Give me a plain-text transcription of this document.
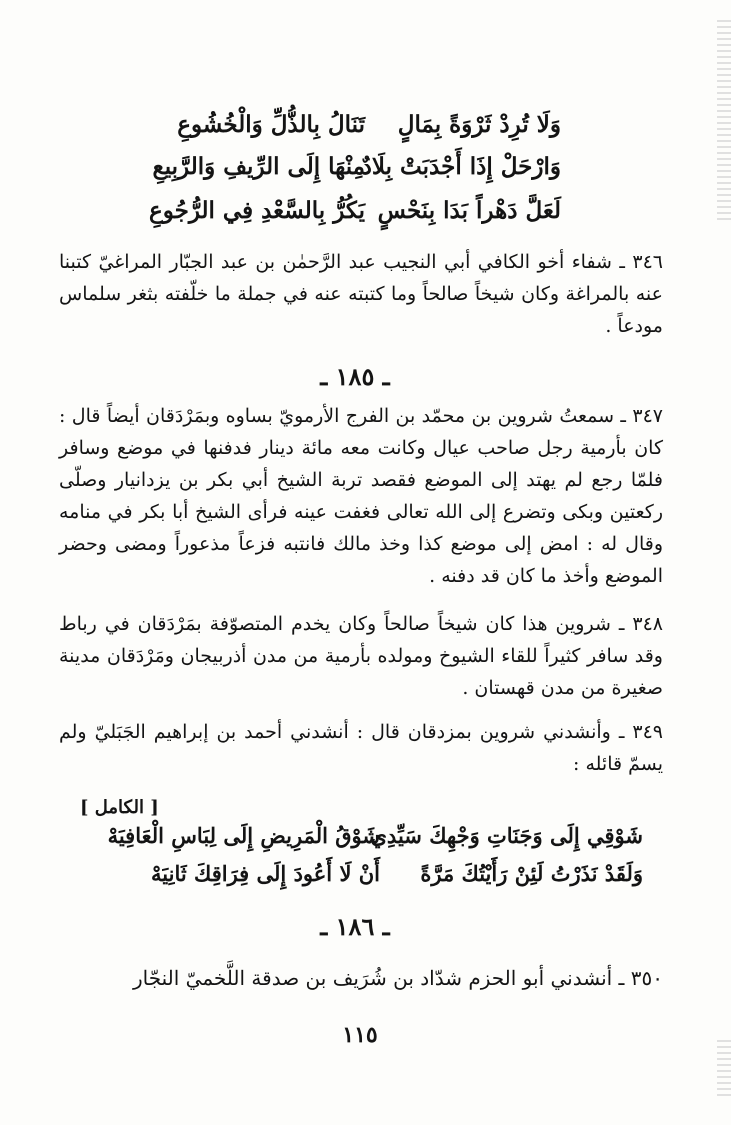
وَلَا تُرِدْ ثَرْوَةً بِمَالٍ
تَنَالُ بِالذُّلِّ وَالْخُشُوعِ
وَارْحَلْ إِذَا أَجْدَبَتْ بِلَادٌ
مِنْهَا إِلَى الرِّيفِ وَالرَّبِيعِ
لَعَلَّ دَهْراً بَدَا بِنَحْسٍ
يَكُرُّ بِالسَّعْدِ فِي الرُّجُوعِ
٣٤٦ ـ شفاء أخو الكافي أبي النجيب عبد الرَّحمٰن بن عبد الجبّار المراغيّ كتبنا عنه بالمراغة وكان شيخاً صالحاً وما كتبته عنه في جملة ما خلّفته بثغر سلماس مودعاً .
ـ ١٨٥ ـ
٣٤٧ ـ سمعتُ شروين بن محمّد بن الفرج الأرمويّ بساوه وبمَرْدَقان أيضاً قال : كان بأرمية رجل صاحب عيال وكانت معه مائة دينار فدفنها في موضع وسافر فلمّا رجع لم يهتد إلى الموضع فقصد تربة الشيخ أبي بكر بن يزدانيار وصلّى ركعتين وبكى وتضرع إلى الله تعالى فغفت عينه فرأى الشيخ أبا بكر في منامه وقال له : امض إلى موضع كذا وخذ مالك فانتبه فزعاً مذعوراً ومضى وحضر الموضع وأخذ ما كان قد دفنه .
٣٤٨ ـ شروين هذا كان شيخاً صالحاً وكان يخدم المتصوّفة بمَرْدَقان في رباط وقد سافر كثيراً للقاء الشيوخ ومولده بأرمية من مدن أذربيجان ومَرْدَقان مدينة صغيرة من مدن قهستان .
٣٤٩ ـ وأنشدني شروين بمزدقان قال : أنشدني أحمد بن إبراهيم الجَبَليّ ولم يسمّ قائله :
[ الكامل ]
شَوْقِي إِلَى وَجَنَاتِ وَجْهِكَ سَيِّدِي
شَوْقُ الْمَرِيضِ إِلَى لِبَاسِ الْعَافِيَهْ
وَلَقَدْ نَذَرْتُ لَئِنْ رَأَيْتُكَ مَرَّةً
أَنْ لَا أَعُودَ إِلَى فِرَاقِكَ ثَانِيَهْ
ـ ١٨٦ ـ
٣٥٠ ـ أنشدني أبو الحزم شدّاد بن شُرَيف بن صدقة اللَّخميّ النجّار
١١٥
